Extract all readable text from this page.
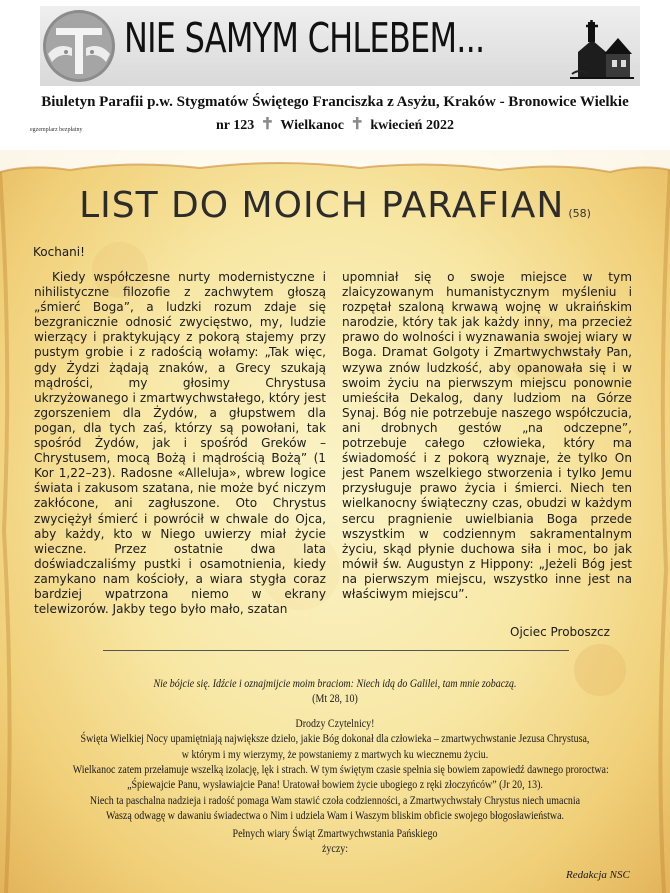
NIE SAMYM CHLEBEM...
Biuletyn Parafii p.w. Stygmatów Świętego Franciszka z Asyżu, Kraków - Bronowice Wielkie
nr 123 ✝ Wielkanoc ✝ kwiecień 2022
egzemplarz bezpłatny
LIST DO MOICH PARAFIAN (58)
Kochani!
Kiedy współczesne nurty modernistyczne i nihilistyczne filozofie z zachwytem głoszą „śmierć Boga”, a ludzki rozum zdaje się bezgranicznie odnosić zwycięstwo, my, ludzie wierzący i praktykujący z pokorą stajemy przy pustym grobie i z radością wołamy: „Tak więc, gdy Żydzi żądają znaków, a Grecy szukają mądrości, my głosimy Chrystusa ukrzyżowanego i zmartwychwstałego, który jest zgorszeniem dla Żydów, a głupstwem dla pogan, dla tych zaś, którzy są powołani, tak spośród Żydów, jak i spośród Greków – Chrystusem, mocą Bożą i mądrością Bożą” (1 Kor 1,22–23). Radosne «Alleluja», wbrew logice świata i zakusom szatana, nie może być niczym zakłócone, ani zagłuszone. Oto Chrystus zwyciężył śmierć i powrócił w chwale do Ojca, aby każdy, kto w Niego uwierzy miał życie wieczne. Przez ostatnie dwa lata doświadczaliśmy pustki i osamotnienia, kiedy zamykano nam kościoły, a wiara stygła coraz bardziej wpatrzona niemo w ekrany telewizorów. Jakby tego było mało, szatan
upomniał się o swoje miejsce w tym zlaicyzowanym humanistycznym myśleniu i rozpętał szaloną krwawą wojnę w ukraińskim narodzie, który tak jak każdy inny, ma przecież prawo do wolności i wyznawania swojej wiary w Boga. Dramat Golgoty i Zmartwychwstały Pan, wzywa znów ludzkość, aby opanowała się i w swoim życiu na pierwszym miejscu ponownie umieściła Dekalog, dany ludziom na Górze Synaj. Bóg nie potrzebuje naszego współczucia, ani drobnych gestów „na odczepne”, potrzebuje całego człowieka, który ma świadomość i z pokorą wyznaje, że tylko On jest Panem wszelkiego stworzenia i tylko Jemu przysługuje prawo życia i śmierci. Niech ten wielkanocny świąteczny czas, obudzi w każdym sercu pragnienie uwielbiania Boga przede wszystkim w codziennym sakramentalnym życiu, skąd płynie duchowa siła i moc, bo jak mówił św. Augustyn z Hippony: „Jeżeli Bóg jest na pierwszym miejscu, wszystko inne jest na właściwym miejscu”.
Ojciec Proboszcz
Nie bójcie się. Idźcie i oznajmijcie moim braciom: Niech idą do Galilei, tam mnie zobaczą.
(Mt 28, 10)
Drodzy Czytelnicy!
Święta Wielkiej Nocy upamiętniają największe dzieło, jakie Bóg dokonał dla człowieka – zmartwychwstanie Jezusa Chrystusa,
w którym i my wierzymy, że powstaniemy z martwych ku wiecznemu życiu.
Wielkanoc zatem przełamuje wszelką izolację, lęk i strach. W tym świętym czasie spełnia się bowiem zapowiedź dawnego proroctwa:
„Śpiewajcie Panu, wysławiajcie Pana! Uratował bowiem życie ubogiego z ręki złoczyńców” (Jr 20, 13).
Niech ta paschalna nadzieja i radość pomaga Wam stawić czoła codzienności, a Zmartwychwstały Chrystus niech umacnia
Waszą odwagę w dawaniu świadectwa o Nim i udziela Wam i Waszym bliskim obficie swojego błogosławieństwa.
Pełnych wiary Świąt Zmartwychwstania Pańskiego
życzy:
Redakcja NSC
